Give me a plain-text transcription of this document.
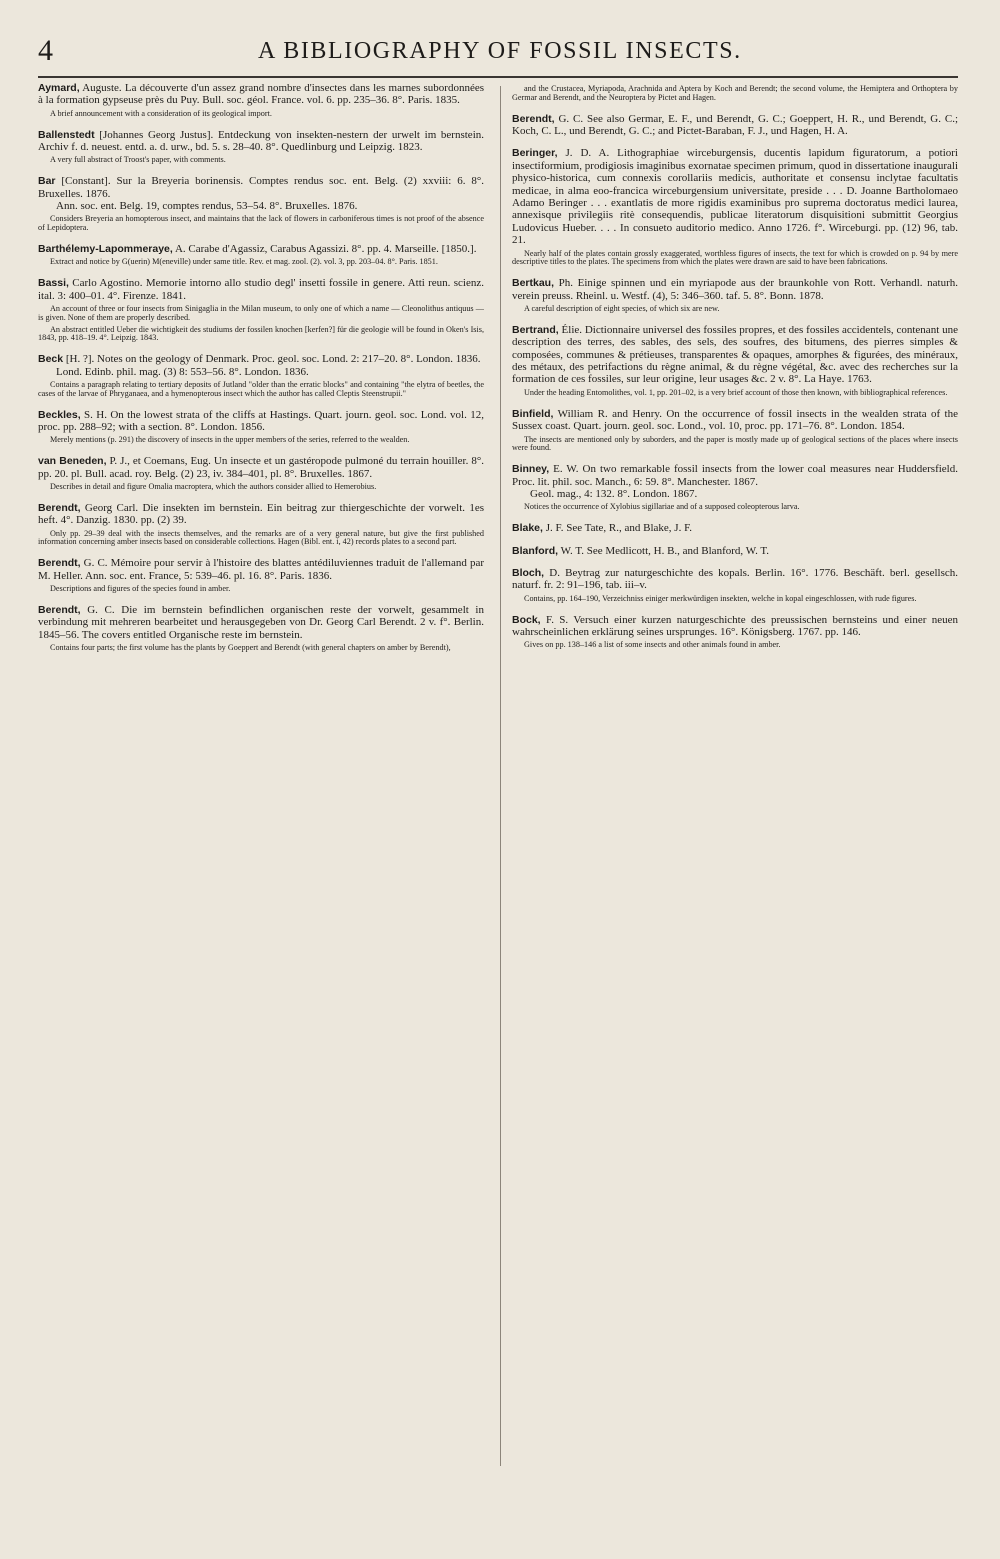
4	A BIBLIOGRAPHY OF FOSSIL INSECTS.

Aymard, Auguste. La découverte d'un assez grand nombre d'insectes dans les marnes subordonnées à la formation gypseuse près du Puy. Bull. soc. géol. France. vol. 6. pp. 235–36. 8°. Paris. 1835.

A brief announcement with a consideration of its geological import.

Ballenstedt [Johannes Georg Justus]. Entdeckung von insekten-nestern der urwelt im bernstein. Archiv f. d. neuest. entd. a. d. urw., bd. 5. s. 28–40. 8°. Quedlinburg und Leipzig. 1823.

A very full abstract of Troost's paper, with comments.

Bar [Constant]. Sur la Breyeria borinensis. Comptes rendus soc. ent. Belg. (2) xxviii: 6. 8°. Bruxelles. 1876.

Ann. soc. ent. Belg. 19, comptes rendus, 53–54. 8°. Bruxelles. 1876.

Considers Breyeria an homopterous insect, and maintains that the lack of flowers in carboniferous times is not proof of the absence of Lepidoptera.

Barthélemy-Lapommeraye, A. Carabe d'Agassiz, Carabus Agassizi. 8°. pp. 4. Marseille. [1850.].

Extract and notice by G(uerin) M(eneville) under same title. Rev. et mag. zool. (2). vol. 3, pp. 203–04. 8°. Paris. 1851.

Bassi, Carlo Agostino. Memorie intorno allo studio degl' insetti fossile in genere. Atti reun. scienz. ital. 3: 400–01. 4°. Firenze. 1841.

An account of three or four insects from Sinigaglia in the Milan museum, to only one of which a name — Cleonolithus antiquus — is given. None of them are properly described.

An abstract entitled Ueber die wichtigkeit des studiums der fossilen knochen [kerfen?] für die geologie will be found in Oken's Isis, 1843, pp. 418–19. 4°. Leipzig. 1843.

Beck [H. ?]. Notes on the geology of Denmark. Proc. geol. soc. Lond. 2: 217–20. 8°. London. 1836.

Lond. Edinb. phil. mag. (3) 8: 553–56. 8°. London. 1836.

Contains a paragraph relating to tertiary deposits of Jutland "older than the erratic blocks" and containing "the elytra of beetles, the cases of the larvae of Phryganaea, and a hymenopterous insect which the author has called Cleptis Steenstrupii."

Beckles, S. H. On the lowest strata of the cliffs at Hastings. Quart. journ. geol. soc. Lond. vol. 12, proc. pp. 288–92; with a section. 8°. London. 1856.

Merely mentions (p. 291) the discovery of insects in the upper members of the series, referred to the wealden.

van Beneden, P. J., et Coemans, Eug. Un insecte et un gastéropode pulmoné du terrain houiller. 8°. pp. 20. pl. Bull. acad. roy. Belg. (2) 23, iv. 384–401, pl. 8°. Bruxelles. 1867.

Describes in detail and figure Omalia macroptera, which the authors consider allied to Hemerobius.

Berendt, Georg Carl. Die insekten im bernstein. Ein beitrag zur thiergeschichte der vorwelt. 1es heft. 4°. Danzig. 1830. pp. (2) 39.

Only pp. 29–39 deal with the insects themselves, and the remarks are of a very general nature, but give the first published information concerning amber insects based on considerable collections. Hagen (Bibl. ent. i, 42) records plates to a second part.

Berendt, G. C. Mémoire pour servir à l'histoire des blattes antédiluviennes traduit de l'allemand par M. Heller. Ann. soc. ent. France, 5: 539–46. pl. 16. 8°. Paris. 1836.

Descriptions and figures of the species found in amber.

Berendt, G. C. Die im bernstein befindlichen organischen reste der vorwelt, gesammelt in verbindung mit mehreren bearbeitet und herausgegeben von Dr. Georg Carl Berendt. 2 v. f°. Berlin. 1845–56. The covers entitled Organische reste im bernstein.

Contains four parts; the first volume has the plants by Goeppert and Berendt (with general chapters on amber by Berendt),

and the Crustacea, Myriapoda, Arachnida and Aptera by Koch and Berendt; the second volume, the Hemiptera and Orthoptera by Germar and Berendt, and the Neuroptera by Pictet and Hagen.

Berendt, G. C. See also Germar, E. F., und Berendt, G. C.; Goeppert, H. R., und Berendt, G. C.; Koch, C. L., und Berendt, G. C.; and Pictet-Baraban, F. J., und Hagen, H. A.

Beringer, J. D. A. Lithographiae wirceburgensis, ducentis lapidum figuratorum, a potiori insectiformium, prodigiosis imaginibus exornatae specimen primum, quod in dissertatione inaugurali physico-historica, cum connexis corollariis medicis, authoritate et consensu inclytae facultatis medicae, in alma eoo-francica wirceburgensium universitate, preside . . . D. Joanne Bartholomaeo Adamo Beringer . . . exantlatis de more rigidis examinibus pro suprema doctoratus medici laurea, annexisque privilegiis ritè consequendis, publicae literatorum disquisitioni submittit Georgius Ludovicus Hueber. . . . In consueto auditorio medico. Anno 1726. f°. Wirceburgi. pp. (12) 96, tab. 21.

Nearly half of the plates contain grossly exaggerated, worthless figures of insects, the text for which is crowded on p. 94 by mere descriptive titles to the plates. The specimens from which the plates were drawn are said to have been fabrications.

Bertkau, Ph. Einige spinnen und ein myriapode aus der braunkohle von Rott. Verhandl. naturh. verein preuss. Rheinl. u. Westf. (4), 5: 346–360. taf. 5. 8°. Bonn. 1878.

A careful description of eight species, of which six are new.

Bertrand, Élie. Dictionnaire universel des fossiles propres, et des fossiles accidentels, contenant une description des terres, des sables, des sels, des soufres, des bitumens, des pierres simples & composées, communes & prétieuses, transparentes & opaques, amorphes & figurées, des minéraux, des métaux, des petrifactions du règne animal, & du règne végétal, &c. avec des recherches sur la formation de ces fossiles, sur leur origine, leur usages &c. 2 v. 8°. La Haye. 1763.

Under the heading Entomolithes, vol. 1, pp. 201–02, is a very brief account of those then known, with bibliographical references.

Binfield, William R. and Henry. On the occurrence of fossil insects in the wealden strata of the Sussex coast. Quart. journ. geol. soc. Lond., vol. 10, proc. pp. 171–76. 8°. London. 1854.

The insects are mentioned only by suborders, and the paper is mostly made up of geological sections of the places where insects were found.

Binney, E. W. On two remarkable fossil insects from the lower coal measures near Huddersfield. Proc. lit. phil. soc. Manch., 6: 59. 8°. Manchester. 1867.

Geol. mag., 4: 132. 8°. London. 1867.

Notices the occurrence of Xylobius sigillariae and of a supposed coleopterous larva.

Blake, J. F. See Tate, R., and Blake, J. F.

Blanford, W. T. See Medlicott, H. B., and Blanford, W. T.

Bloch, D. Beytrag zur naturgeschichte des kopals. Berlin. 16°. 1776. Beschäft. berl. gesellsch. naturf. fr. 2: 91–196, tab. iii–v.

Contains, pp. 164–190, Verzeichniss einiger merkwürdigen insekten, welche in kopal eingeschlossen, with rude figures.

Bock, F. S. Versuch einer kurzen naturgeschichte des preussischen bernsteins und einer neuen wahrscheinlichen erklärung seines ursprunges. 16°. Königsberg. 1767. pp. 146.

Gives on pp. 138–146 a list of some insects and other animals found in amber.
